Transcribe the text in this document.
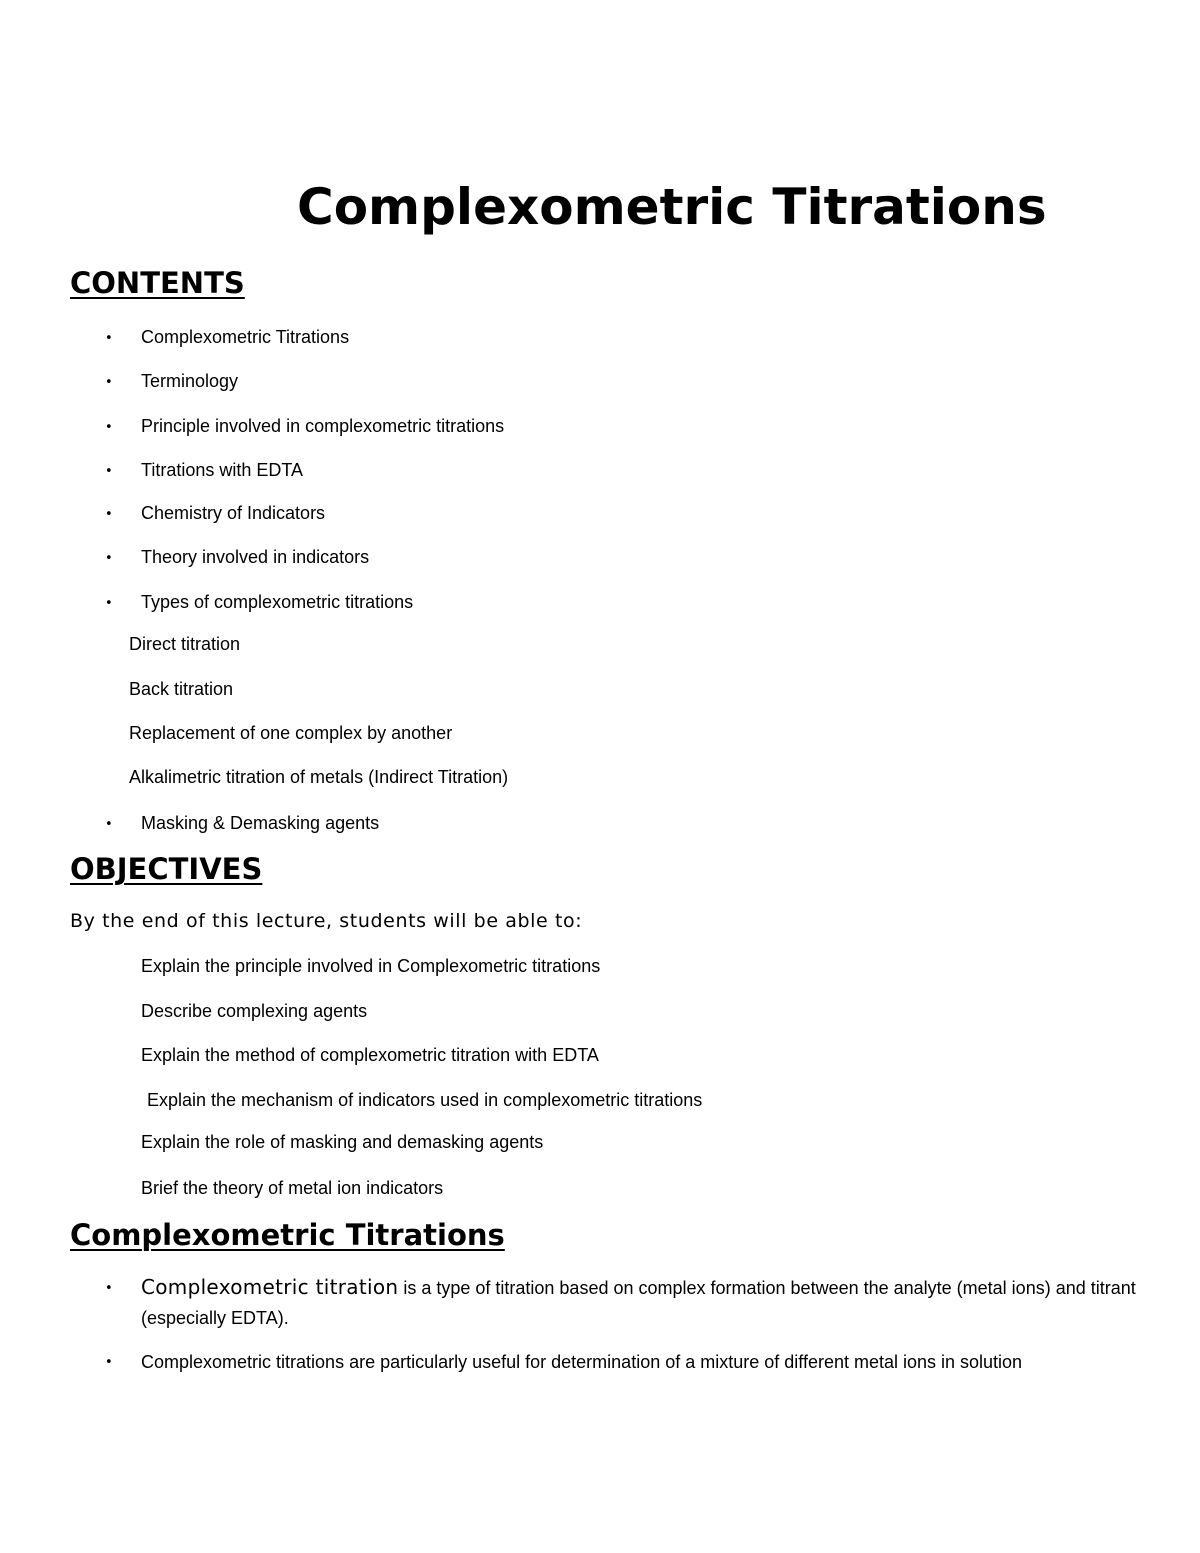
Complexometric Titrations
CONTENTS
• Complexometric Titrations
• Terminology
• Principle involved in complexometric titrations
• Titrations with EDTA
• Chemistry of Indicators
• Theory involved in indicators
• Types of complexometric titrations
Direct titration
Back titration
Replacement of one complex by another
Alkalimetric titration of metals (Indirect Titration)
• Masking & Demasking agents
OBJECTIVES

By the end of this lecture, students will be able to:

Explain the principle involved in Complexometric titrations
Describe complexing agents
Explain the method of complexometric titration with EDTA
Explain the mechanism of indicators used in complexometric titrations
Explain the role of masking and demasking agents
Brief the theory of metal ion indicators
Complexometric Titrations
• Complexometric titration is a type of titration based on complex formation between the analyte (metal ions) and titrant (especially EDTA).

• Complexometric titrations are particularly useful for determination of a mixture of different metal ions in solution
